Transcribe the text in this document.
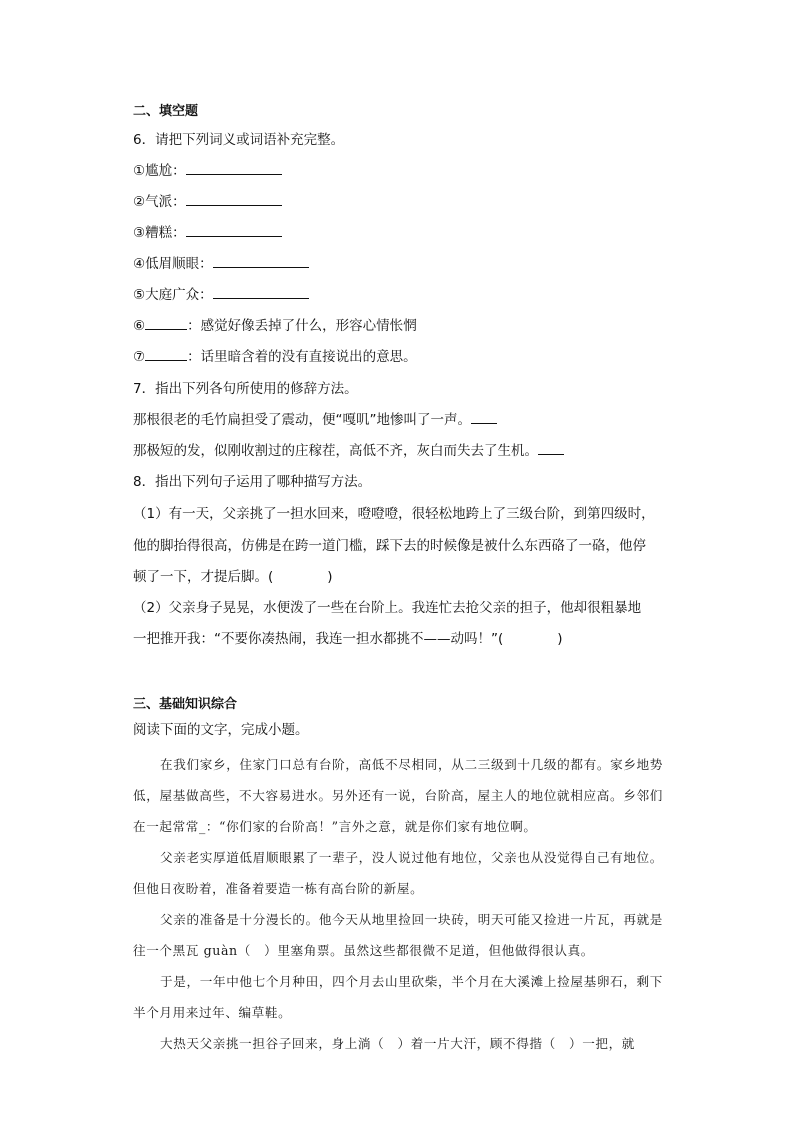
二、填空题
6．请把下列词义或词语补充完整。
①尴尬：
②气派：
③糟糕：
④低眉顺眼：
⑤大庭广众：
⑥	：感觉好像丢掉了什么，形容心情怅惘
⑦	：话里暗含着的没有直接说出的意思。
7．指出下列各句所使用的修辞方法。
那根很老的毛竹扁担受了震动，便“嘎叽”地惨叫了一声。
那极短的发，似刚收割过的庄稼茬，高低不齐，灰白而失去了生机。
8．指出下列句子运用了哪种描写方法。
（1）有一天，父亲挑了一担水回来，噔噔噔，很轻松地跨上了三级台阶，到第四级时，
他的脚抬得很高，仿佛是在跨一道门槛，踩下去的时候像是被什么东西硌了一硌，他停
顿了一下，才提后脚。(　　　　)
（2）父亲身子晃晃，水便泼了一些在台阶上。我连忙去抢父亲的担子，他却很粗暴地
一把推开我：“不要你凑热闹，我连一担水都挑不——动吗！”(　　　　)
三、基础知识综合
阅读下面的文字，完成小题。

在我们家乡，住家门口总有台阶，高低不尽相同，从二三级到十几级的都有。家乡地势低，屋基做高些，不大容易进水。另外还有一说，台阶高，屋主人的地位就相应高。乡邻们在一起常常_：“你们家的台阶高！”言外之意，就是你们家有地位啊。

父亲老实厚道低眉顺眼累了一辈子，没人说过他有地位，父亲也从没觉得自己有地位。但他日夜盼着，准备着要造一栋有高台阶的新屋。

父亲的准备是十分漫长的。他今天从地里捡回一块砖，明天可能又捡进一片瓦，再就是往一个黑瓦 guàn（　）里塞角票。虽然这些都很微不足道，但他做得很认真。

于是，一年中他七个月种田，四个月去山里砍柴，半个月在大溪滩上捡屋基卵石，剩下半个月用来过年、编草鞋。

大热天父亲挑一担谷子回来，身上淌（　）着一片大汗，顾不得揩（　）一把，就
